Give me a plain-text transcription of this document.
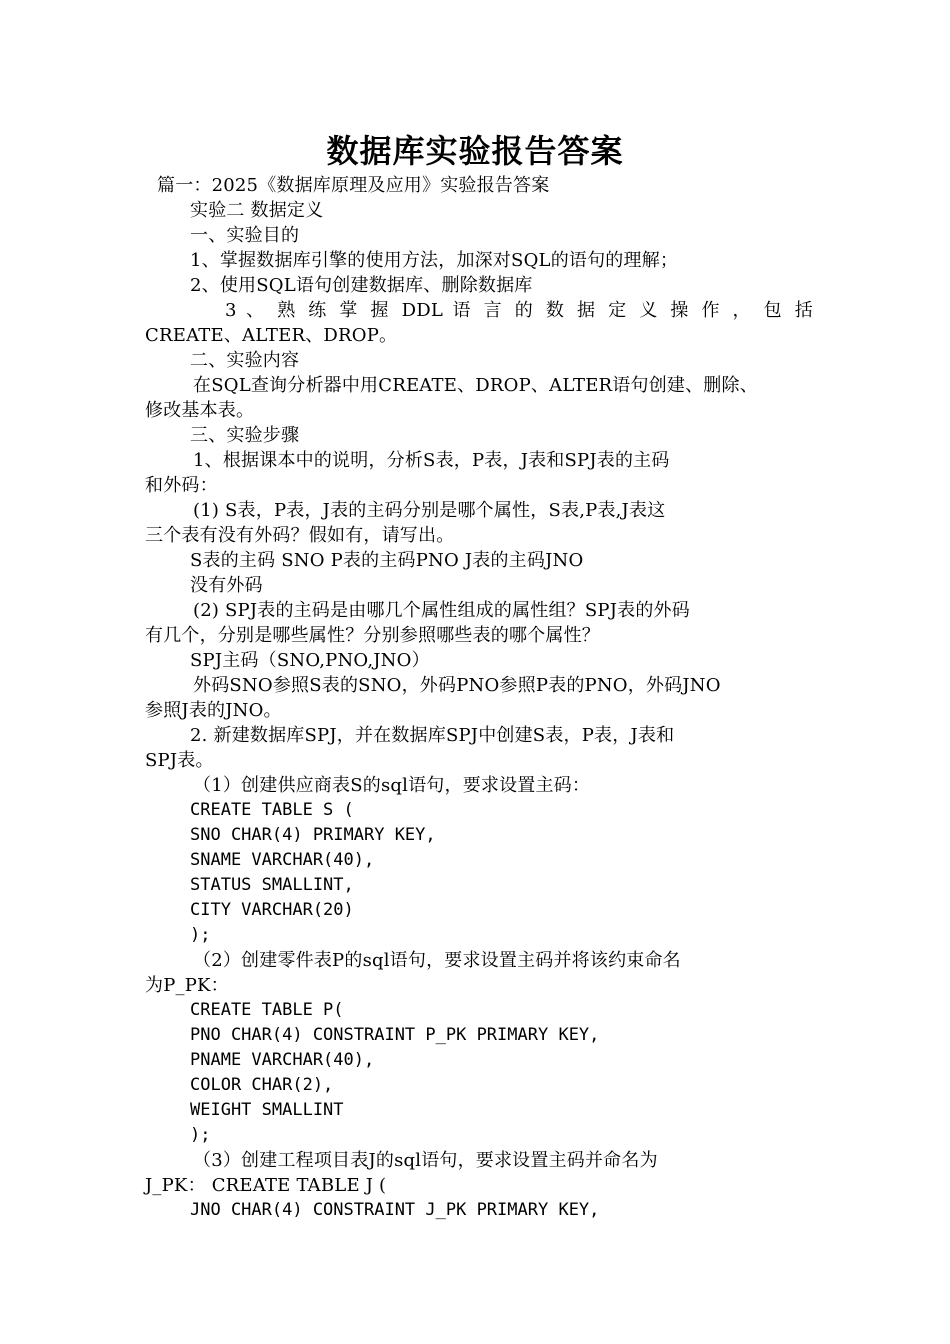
数据库实验报告答案
篇一：2025《数据库原理及应用》实验报告答案
实验二 数据定义
一、实验目的
1、掌握数据库引擎的使用方法，加深对SQL的语句的理解；
2、使用SQL语句创建数据库、删除数据库
3 、 熟 练 掌 握 DDL 语 言 的 数 据 定 义 操 作 ， 包 括
CREATE、ALTER、DROP。
二、实验内容
在SQL查询分析器中用CREATE、DROP、ALTER语句创建、删除、
修改基本表。
三、实验步骤
1、根据课本中的说明，分析S表，P表，J表和SPJ表的主码
和外码：
(1) S表，P表，J表的主码分别是哪个属性，S表,P表,J表这
三个表有没有外码？假如有，请写出。
S表的主码 SNO P表的主码PNO J表的主码JNO
没有外码
(2) SPJ表的主码是由哪几个属性组成的属性组？SPJ表的外码
有几个，分别是哪些属性？分别参照哪些表的哪个属性？
SPJ主码（SNO,PNO,JNO）
外码SNO参照S表的SNO，外码PNO参照P表的PNO，外码JNO
参照J表的JNO。
2. 新建数据库SPJ，并在数据库SPJ中创建S表，P表，J表和
SPJ表。
（1）创建供应商表S的sql语句，要求设置主码：
CREATE TABLE S (
SNO CHAR(4) PRIMARY KEY,
SNAME VARCHAR(40),
STATUS SMALLINT,
CITY VARCHAR(20)
);
（2）创建零件表P的sql语句，要求设置主码并将该约束命名
为P_PK：
CREATE TABLE P(
PNO CHAR(4) CONSTRAINT P_PK PRIMARY KEY,
PNAME VARCHAR(40),
COLOR CHAR(2),
WEIGHT SMALLINT
);
（3）创建工程项目表J的sql语句，要求设置主码并命名为
J_PK： CREATE TABLE J (
JNO CHAR(4) CONSTRAINT J_PK PRIMARY KEY,
